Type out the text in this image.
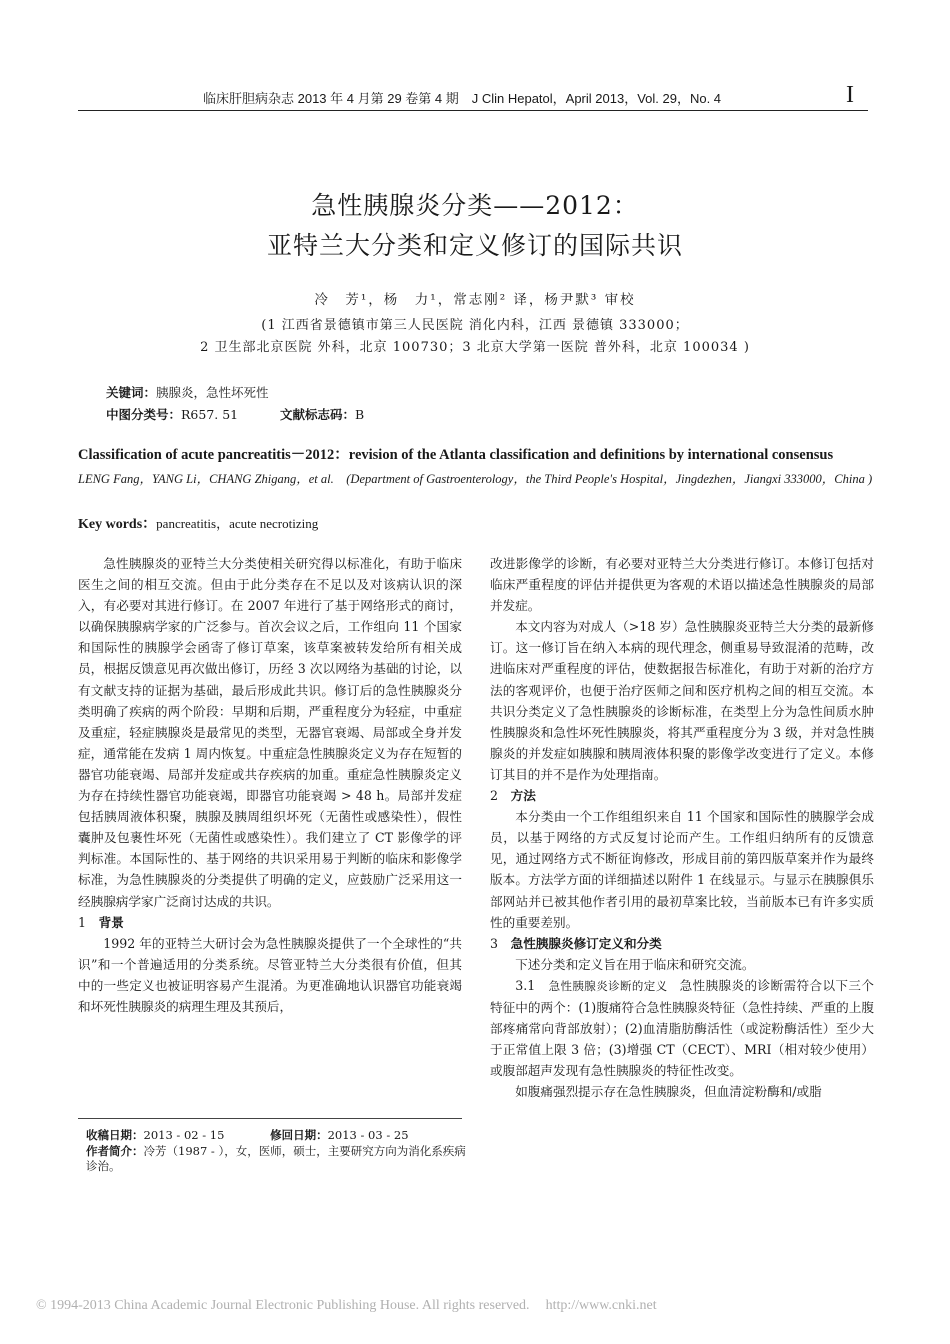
临床肝胆病杂志 2013 年 4 月第 29 卷第 4 期　J Clin Hepatol，April 2013，Vol. 29，No. 4	I
急性胰腺炎分类——2012：
亚特兰大分类和定义修订的国际共识
冷　芳¹，杨　力¹，常志刚² 译，杨尹默³ 审校
(1 江西省景德镇市第三人民医院 消化内科，江西 景德镇 333000；
2 卫生部北京医院 外科，北京 100730；3 北京大学第一医院 普外科，北京 100034 )
关键词：胰腺炎，急性坏死性
中图分类号：R657. 51	文献标志码：B
Classification of acute pancreatitis－2012：revision of the Atlanta classification and definitions by international consensus
LENG Fang，YANG Li，CHANG Zhigang，et al.　(Department of Gastroenterology，the Third People's Hospital，Jingdezhen，Jiangxi 333000，China )
Key words：pancreatitis，acute necrotizing

急性胰腺炎的亚特兰大分类使相关研究得以标准化，有助于临床医生之间的相互交流。但由于此分类存在不足以及对该病认识的深入，有必要对其进行修订。在 2007 年进行了基于网络形式的商讨，以确保胰腺病学家的广泛参与。首次会议之后，工作组向 11 个国家和国际性的胰腺学会函寄了修订草案，该草案被转发给所有相关成员，根据反馈意见再次做出修订，历经 3 次以网络为基础的讨论，以有文献支持的证据为基础，最后形成此共识。修订后的急性胰腺炎分类明确了疾病的两个阶段：早期和后期，严重程度分为轻症，中重症及重症，轻症胰腺炎是最常见的类型，无器官衰竭、局部或全身并发症，通常能在发病 1 周内恢复。中重症急性胰腺炎定义为存在短暂的器官功能衰竭、局部并发症或共存疾病的加重。重症急性胰腺炎定义为存在持续性器官功能衰竭，即器官功能衰竭 > 48 h。局部并发症包括胰周液体积聚，胰腺及胰周组织坏死（无菌性或感染性），假性囊肿及包裹性坏死（无菌性或感染性）。我们建立了 CT 影像学的评判标准。本国际性的、基于网络的共识采用易于判断的临床和影像学标准，为急性胰腺炎的分类提供了明确的定义，应鼓励广泛采用这一经胰腺病学家广泛商讨达成的共识。

1　 背景

1992 年的亚特兰大研讨会为急性胰腺炎提供了一个全球性的“共识”和一个普遍适用的分类系统。尽管亚特兰大分类很有价值，但其中的一些定义也被证明容易产生混淆。为更准确地认识器官功能衰竭和坏死性胰腺炎的病理生理及其预后，

改进影像学的诊断，有必要对亚特兰大分类进行修订。本修订包括对临床严重程度的评估并提供更为客观的术语以描述急性胰腺炎的局部并发症。

本文内容为对成人（>18 岁）急性胰腺炎亚特兰大分类的最新修订。这一修订旨在纳入本病的现代理念，侧重易导致混淆的范畴，改进临床对严重程度的评估，使数据报告标准化，有助于对新的治疗方法的客观评价，也便于治疗医师之间和医疗机构之间的相互交流。本共识分类定义了急性胰腺炎的诊断标准，在类型上分为急性间质水肿性胰腺炎和急性坏死性胰腺炎，将其严重程度分为 3 级，并对急性胰腺炎的并发症如胰腺和胰周液体积聚的影像学改变进行了定义。本修订其目的并不是作为处理指南。

2　 方法

本分类由一个工作组组织来自 11 个国家和国际性的胰腺学会成员，以基于网络的方式反复讨论而产生。工作组归纳所有的反馈意见，通过网络方式不断征询修改，形成目前的第四版草案并作为最终版本。方法学方面的详细描述以附件 1 在线显示。与显示在胰腺俱乐部网站并已被其他作者引用的最初草案比较，当前版本已有许多实质性的重要差别。

3　 急性胰腺炎修订定义和分类

下述分类和定义旨在用于临床和研究交流。

3.1　 急性胰腺炎诊断的定义 急性胰腺炎的诊断需符合以下三个特征中的两个：(1)腹痛符合急性胰腺炎特征（急性持续、严重的上腹部疼痛常向背部放射）；(2)血清脂肪酶活性（或淀粉酶活性）至少大于正常值上限 3 倍；(3)增强 CT（CECT）、MRI（相对较少使用）或腹部超声发现有急性胰腺炎的特征性改变。

如腹痛强烈提示存在急性胰腺炎，但血清淀粉酶和/或脂

收稿日期：2013 - 02 - 15	修回日期：2013 - 03 - 25
作者简介：冷芳（1987 - ），女，医师，硕士，主要研究方向为消化系疾病诊治。
© 1994-2013 China Academic Journal Electronic Publishing House. All rights reserved. http://www.cnki.net
